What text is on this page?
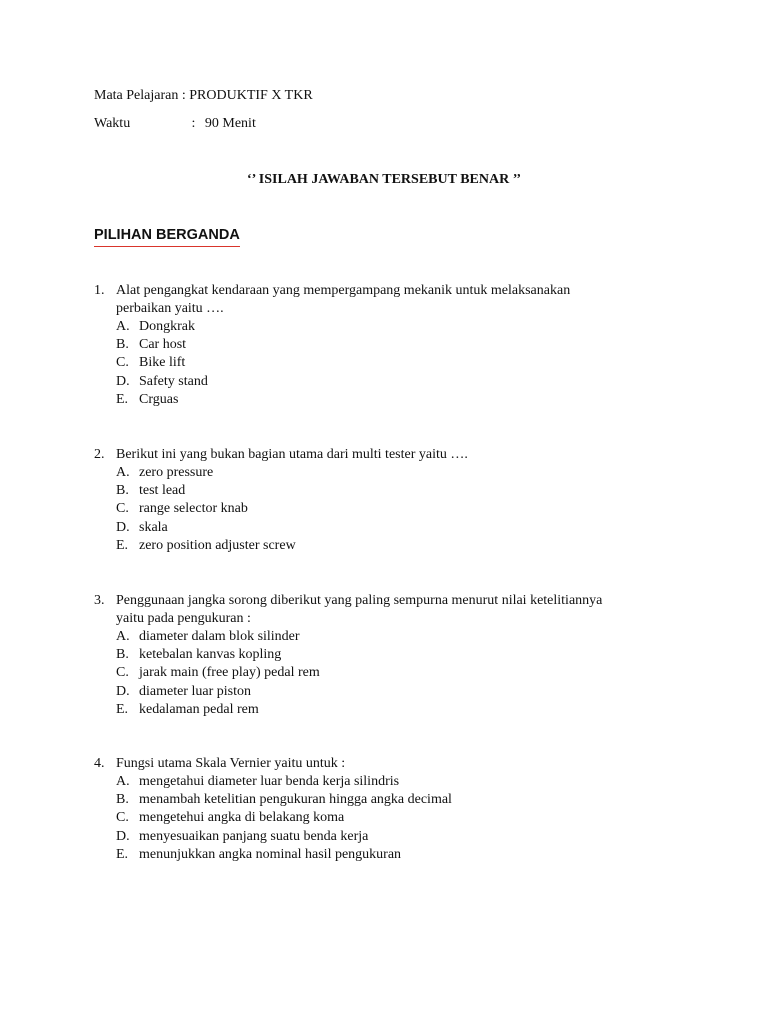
Mata Pelajaran : PRODUKTIF X TKR
Waktu	: 90 Menit
‘’ ISILAH JAWABAN TERSEBUT BENAR ’’
PILIHAN BERGANDA
1. Alat pengangkat kendaraan yang mempergampang mekanik untuk melaksanakan
perbaikan yaitu ….
A. Dongkrak
B. Car host
C. Bike lift
D. Safety stand
E. Crguas
2. Berikut ini yang bukan bagian utama dari multi tester yaitu ….
A. zero pressure
B. test lead
C. range selector knab
D. skala
E. zero position adjuster screw
3. Penggunaan jangka sorong diberikut yang paling sempurna menurut nilai ketelitiannya
yaitu pada pengukuran :
A. diameter dalam blok silinder
B. ketebalan kanvas kopling
C. jarak main (free play) pedal rem
D. diameter luar piston
E. kedalaman pedal rem
4. Fungsi utama Skala Vernier yaitu untuk :
A. mengetahui diameter luar benda kerja silindris
B. menambah ketelitian pengukuran hingga angka decimal
C. mengetehui angka di belakang koma
D. menyesuaikan panjang suatu benda kerja
E. menunjukkan angka nominal hasil pengukuran
